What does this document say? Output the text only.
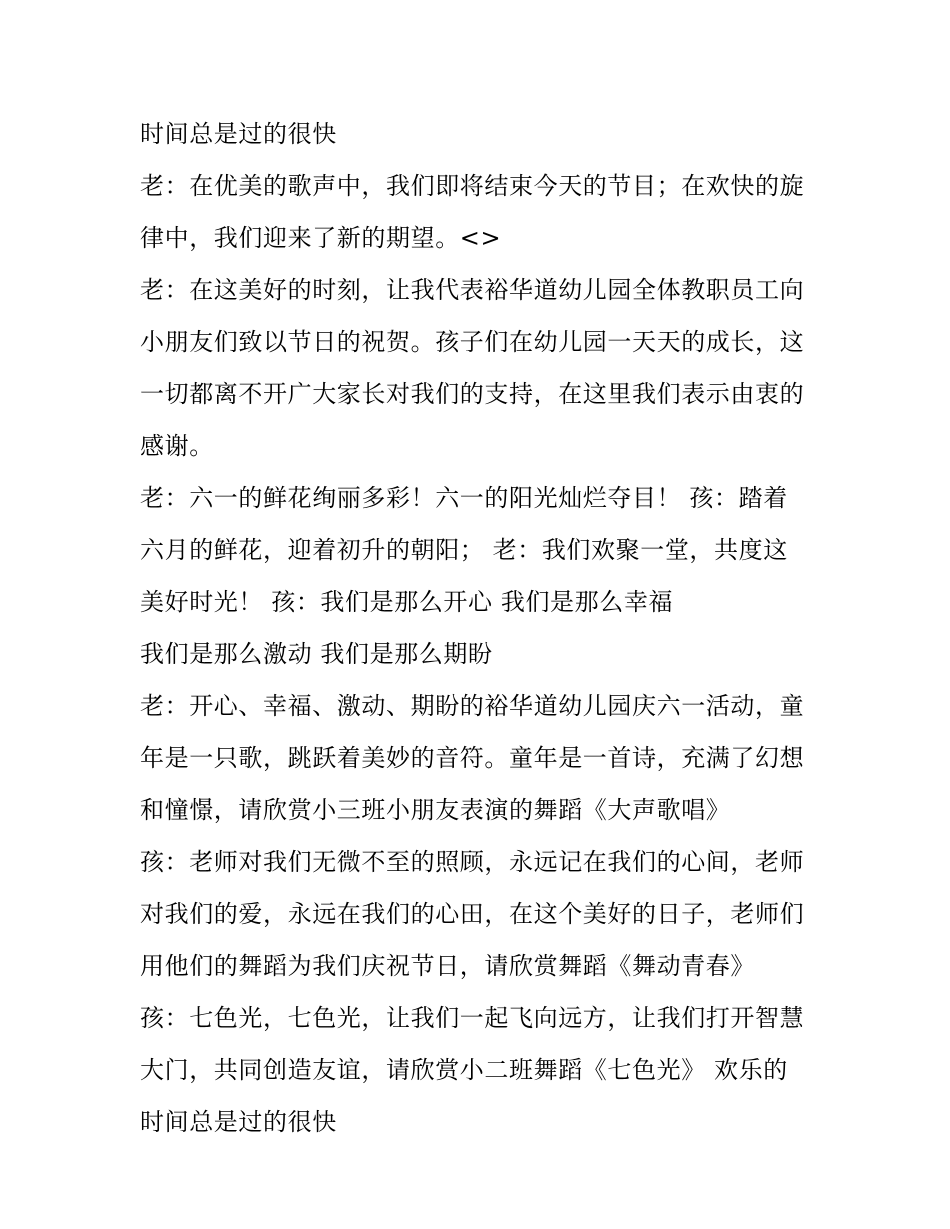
时间总是过的很快
老：在优美的歌声中，我们即将结束今天的节目；在欢快的旋
律中，我们迎来了新的期望。<>
老：在这美好的时刻，让我代表裕华道幼儿园全体教职员工向
小朋友们致以节日的祝贺。孩子们在幼儿园一天天的成长，这
一切都离不开广大家长对我们的支持，在这里我们表示由衷的
感谢。
老：六一的鲜花绚丽多彩！六一的阳光灿烂夺目！ 孩：踏着
六月的鲜花，迎着初升的朝阳； 老：我们欢聚一堂，共度这
美好时光！ 孩：我们是那么开心 我们是那么幸福
我们是那么激动 我们是那么期盼
老：开心、幸福、激动、期盼的裕华道幼儿园庆六一活动，童
年是一只歌，跳跃着美妙的音符。童年是一首诗，充满了幻想
和憧憬，请欣赏小三班小朋友表演的舞蹈《大声歌唱》
孩：老师对我们无微不至的照顾，永远记在我们的心间，老师
对我们的爱，永远在我们的心田，在这个美好的日子，老师们
用他们的舞蹈为我们庆祝节日，请欣赏舞蹈《舞动青春》
孩：七色光，七色光，让我们一起飞向远方，让我们打开智慧
大门，共同创造友谊，请欣赏小二班舞蹈《七色光》 欢乐的
时间总是过的很快
